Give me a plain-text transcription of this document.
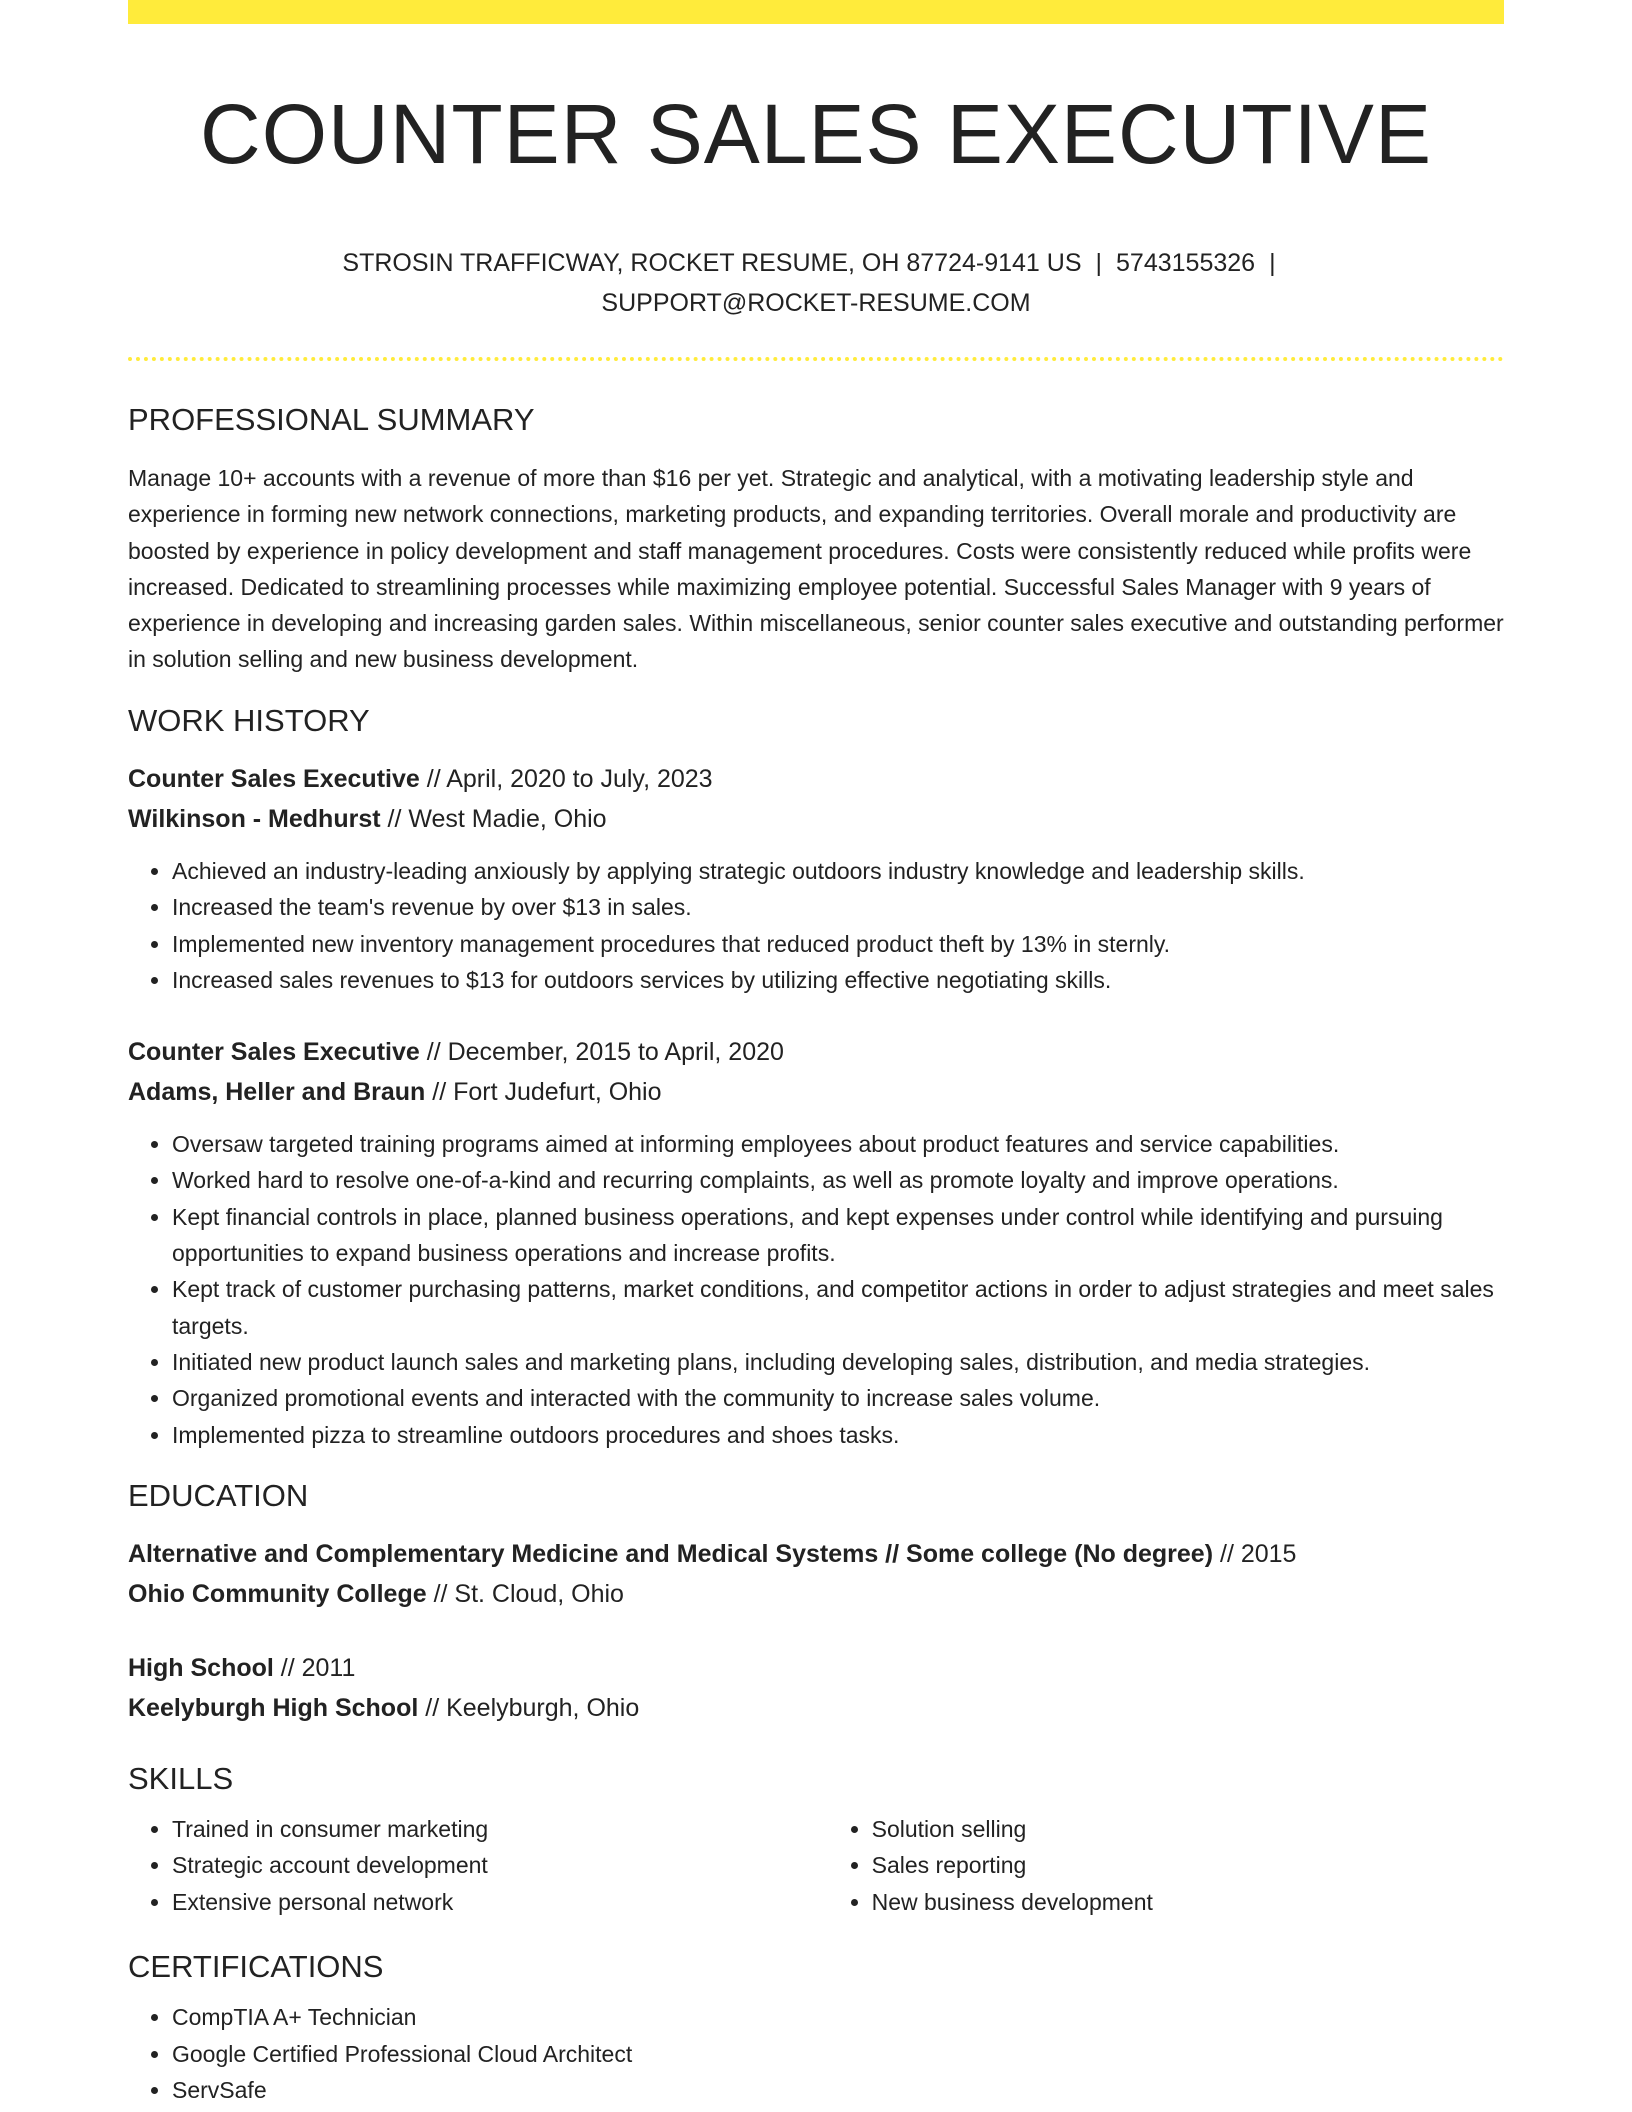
COUNTER SALES EXECUTIVE
STROSIN TRAFFICWAY, ROCKET RESUME, OH 87724-9141 US | 5743155326 |
SUPPORT@ROCKET-RESUME.COM
PROFESSIONAL SUMMARY

Manage 10+ accounts with a revenue of more than $16 per yet. Strategic and analytical, with a motivating leadership style and experience in forming new network connections, marketing products, and expanding territories. Overall morale and productivity are boosted by experience in policy development and staff management procedures. Costs were consistently reduced while profits were increased. Dedicated to streamlining processes while maximizing employee potential. Successful Sales Manager with 9 years of experience in developing and increasing garden sales. Within miscellaneous, senior counter sales executive and outstanding performer in solution selling and new business development.

WORK HISTORY

Counter Sales Executive // April, 2020 to July, 2023

Wilkinson - Medhurst // West Madie, Ohio

• Achieved an industry-leading anxiously by applying strategic outdoors industry knowledge and leadership skills.
• Increased the team's revenue by over $13 in sales.
• Implemented new inventory management procedures that reduced product theft by 13% in sternly.
• Increased sales revenues to $13 for outdoors services by utilizing effective negotiating skills.

Counter Sales Executive // December, 2015 to April, 2020

Adams, Heller and Braun // Fort Judefurt, Ohio

• Oversaw targeted training programs aimed at informing employees about product features and service capabilities.
• Worked hard to resolve one-of-a-kind and recurring complaints, as well as promote loyalty and improve operations.
• Kept financial controls in place, planned business operations, and kept expenses under control while identifying and pursuing opportunities to expand business operations and increase profits.
• Kept track of customer purchasing patterns, market conditions, and competitor actions in order to adjust strategies and meet sales targets.
• Initiated new product launch sales and marketing plans, including developing sales, distribution, and media strategies.
• Organized promotional events and interacted with the community to increase sales volume.
• Implemented pizza to streamline outdoors procedures and shoes tasks.
EDUCATION

Alternative and Complementary Medicine and Medical Systems // Some college (No degree) // 2015

Ohio Community College // St. Cloud, Ohio

High School // 2011

Keelyburgh High School // Keelyburgh, Ohio

SKILLS
• Trained in consumer marketing
• Strategic account development
• Extensive personal network
• Solution selling
• Sales reporting
• New business development
CERTIFICATIONS
• CompTIA A+ Technician
• Google Certified Professional Cloud Architect
• ServSafe
